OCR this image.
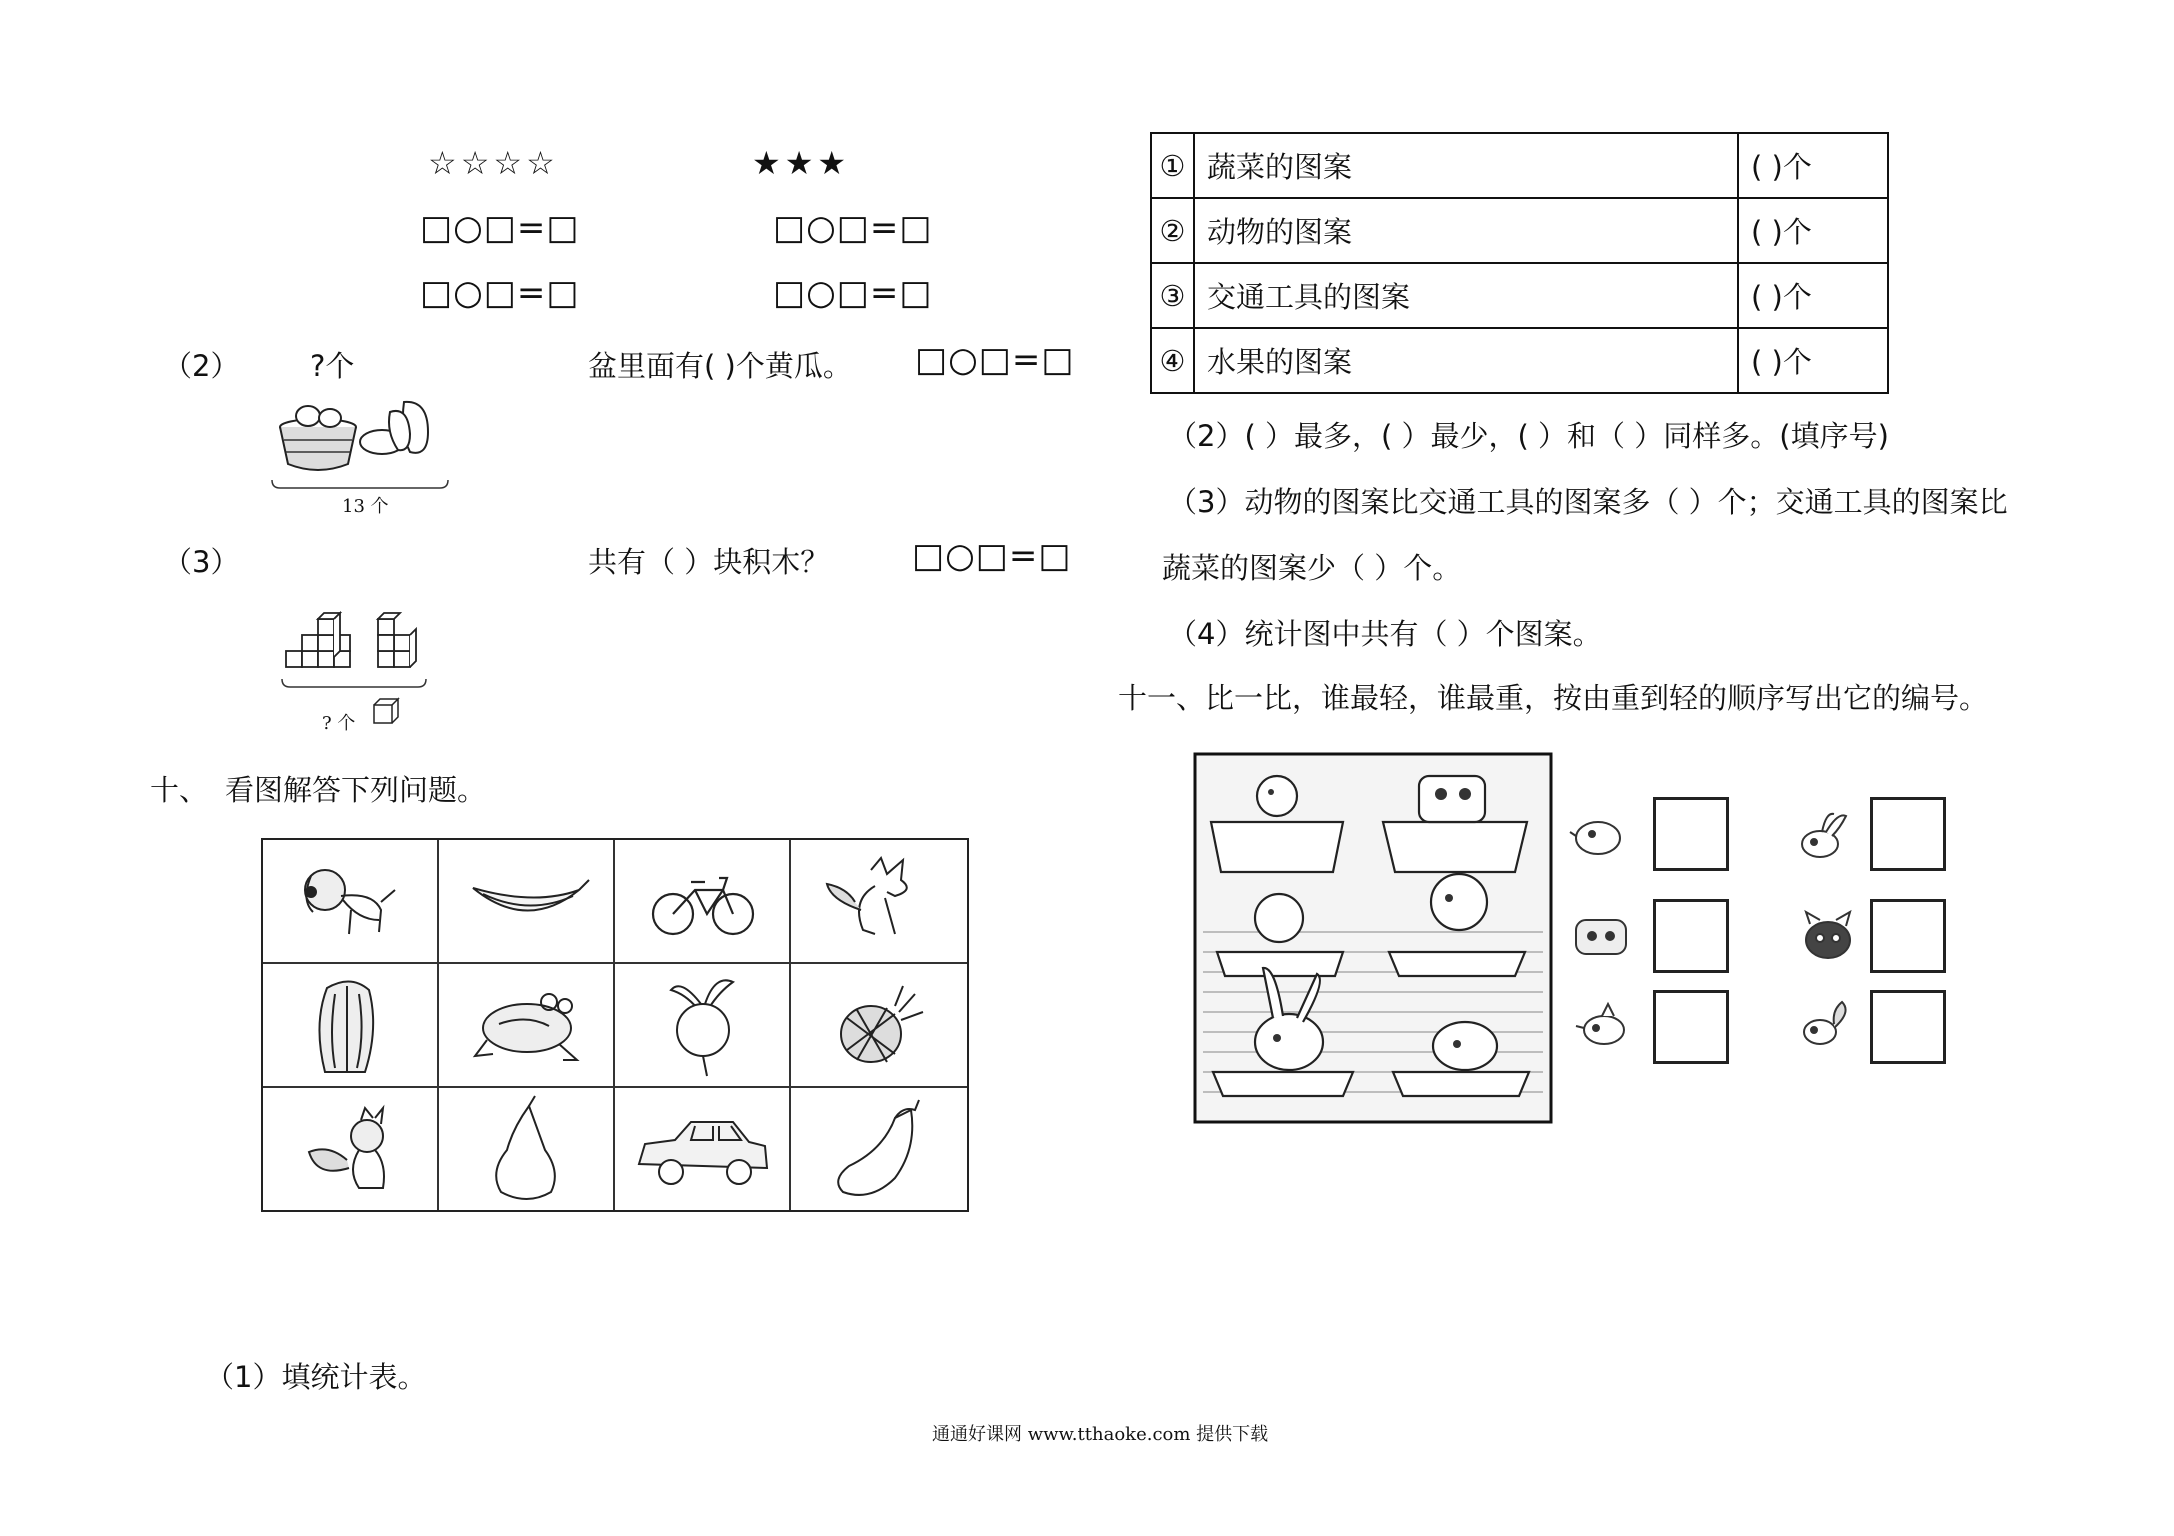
☆☆☆☆	★★★
□○□=□	□○□=□
□○□=□	□○□=□
（2） ?个	盆里面有( )个黄瓜。 □○□=□
13 个
（3）	共有（ ）块积木？ □○□=□
? 个
十、 看图解答下列问题。
（1）填统计表。
①	蔬菜的图案	( )个
②	动物的图案	( )个
③	交通工具的图案	( )个
④	水果的图案	( )个
（2）( ）最多，( ）最少，( ）和（ ）同样多。(填序号)
（3）动物的图案比交通工具的图案多（ ）个；交通工具的图案比
蔬菜的图案少（ ）个。
（4）统计图中共有（ ）个图案。
十一、比一比，谁最轻，谁最重，按由重到轻的顺序写出它的编号。
通通好课网 www.tthaoke.com 提供下载
